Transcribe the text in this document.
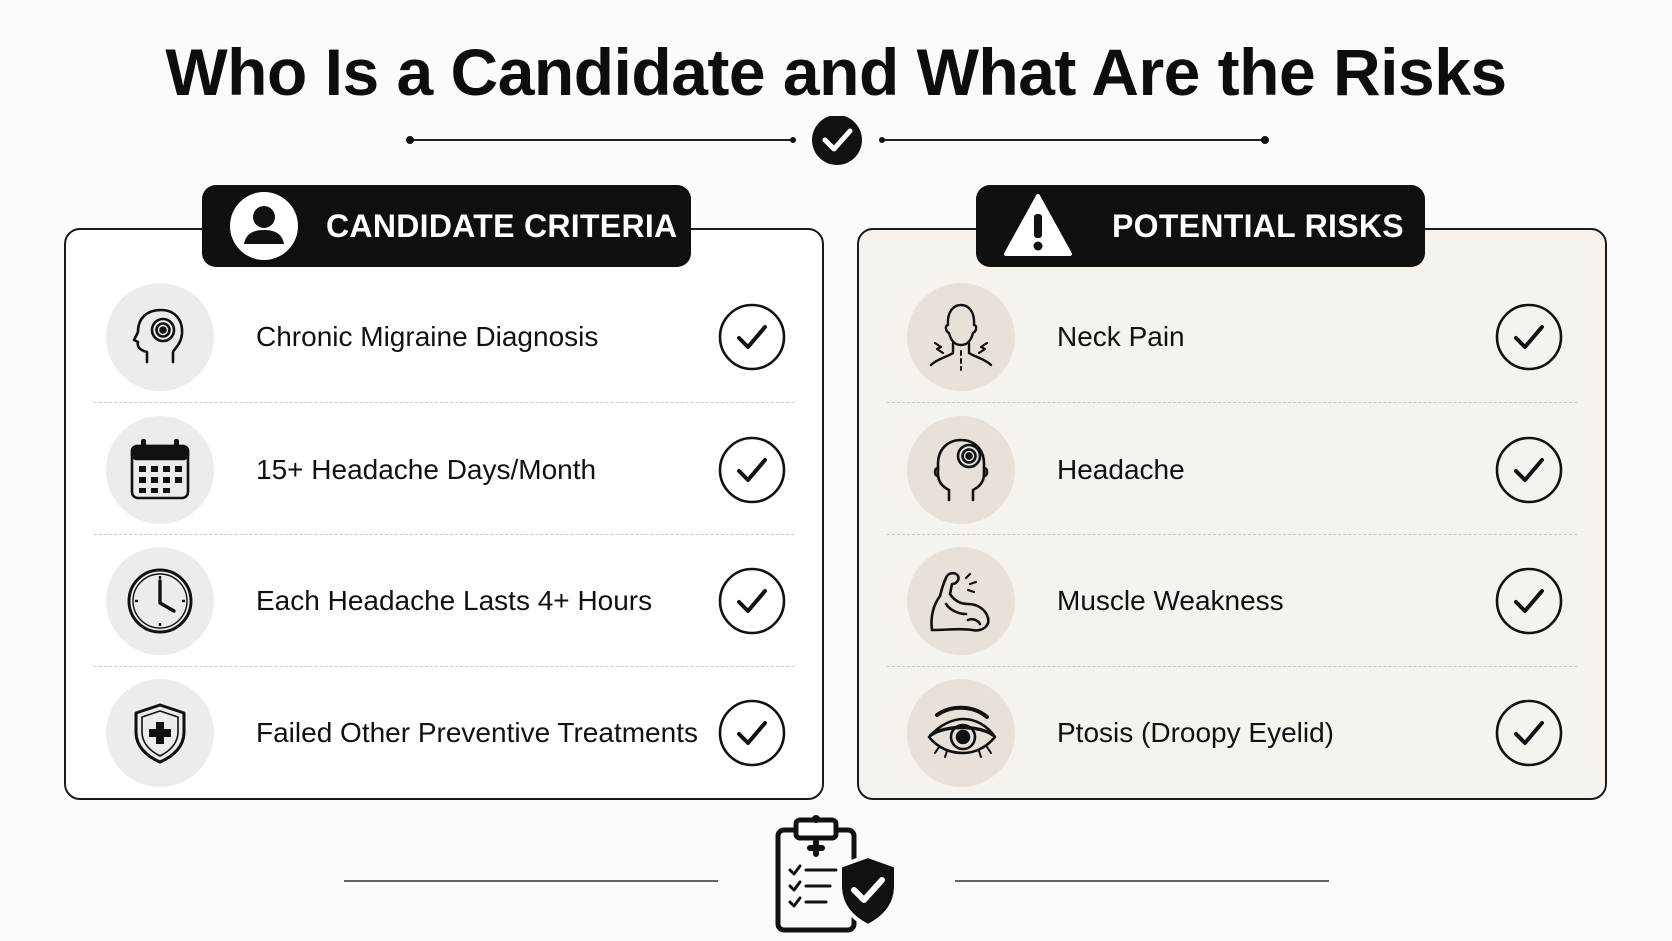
Who Is a Candidate and What Are the Risks
Chronic Migraine Diagnosis
15+ Headache Days/Month
Each Headache Lasts 4+ Hours
Failed Other Preventive Treatments
Neck Pain
Headache
Muscle Weakness
Ptosis (Droopy Eyelid)
CANDIDATE CRITERIA	POTENTIAL RISKS
